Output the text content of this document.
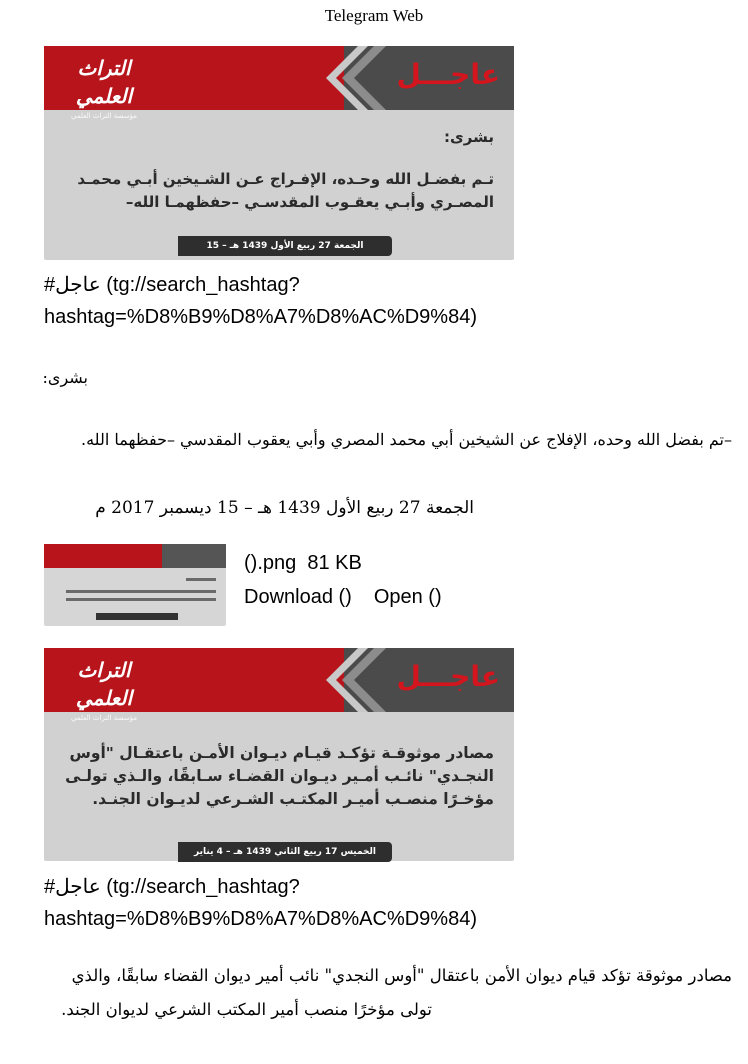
Telegram Web
عاجـــل
التراث العلمي
مؤسسة التراث العلمي
بشرى:
تـم بفضـل الله وحـده، الإفـراج عـن الشـيخين أبـي محمـد المصـري وأبـي يعقـوب المقدسـي –حفظهمـا الله–
الجمعة 27 ربيع الأول 1439 هـ – 15 ديسمبر 2017 م
#عاجل (tg://search_hashtag?
hashtag=%D8%B9%D8%A7%D8%AC%D9%84)
بشرى:
–تم بفضل الله وحده، الإفلاج عن الشيخين أبي محمد المصري وأبي يعقوب المقدسي –حفظهما الله.
الجمعة 27 ربيع الأول 1439 هـ – 15 ديسمبر 2017 م
().png 81 KB
Download () Open ()
عاجـــل
التراث العلمي
مؤسسة التراث العلمي
مصادر موثوقـة تؤكـد قيـام ديـوان الأمـن باعتقـال "أوس النجـدي" نائـب أمـير ديـوان القضـاء سـابقًا، والـذي تولـى مؤخـرًا منصـب أميـر المكتـب الشـرعي لديـوان الجنـد.
الخميس 17 ربيع الثاني 1439 هـ – 4 يناير 2018 م
#عاجل (tg://search_hashtag?
hashtag=%D8%B9%D8%A7%D8%AC%D9%84)
مصادر موثوقة تؤكد قيام ديوان الأمن باعتقال "أوس النجدي" نائب أمير ديوان القضاء سابقًا، والذي
تولى مؤخرًا منصب أمير المكتب الشرعي لديوان الجند.
